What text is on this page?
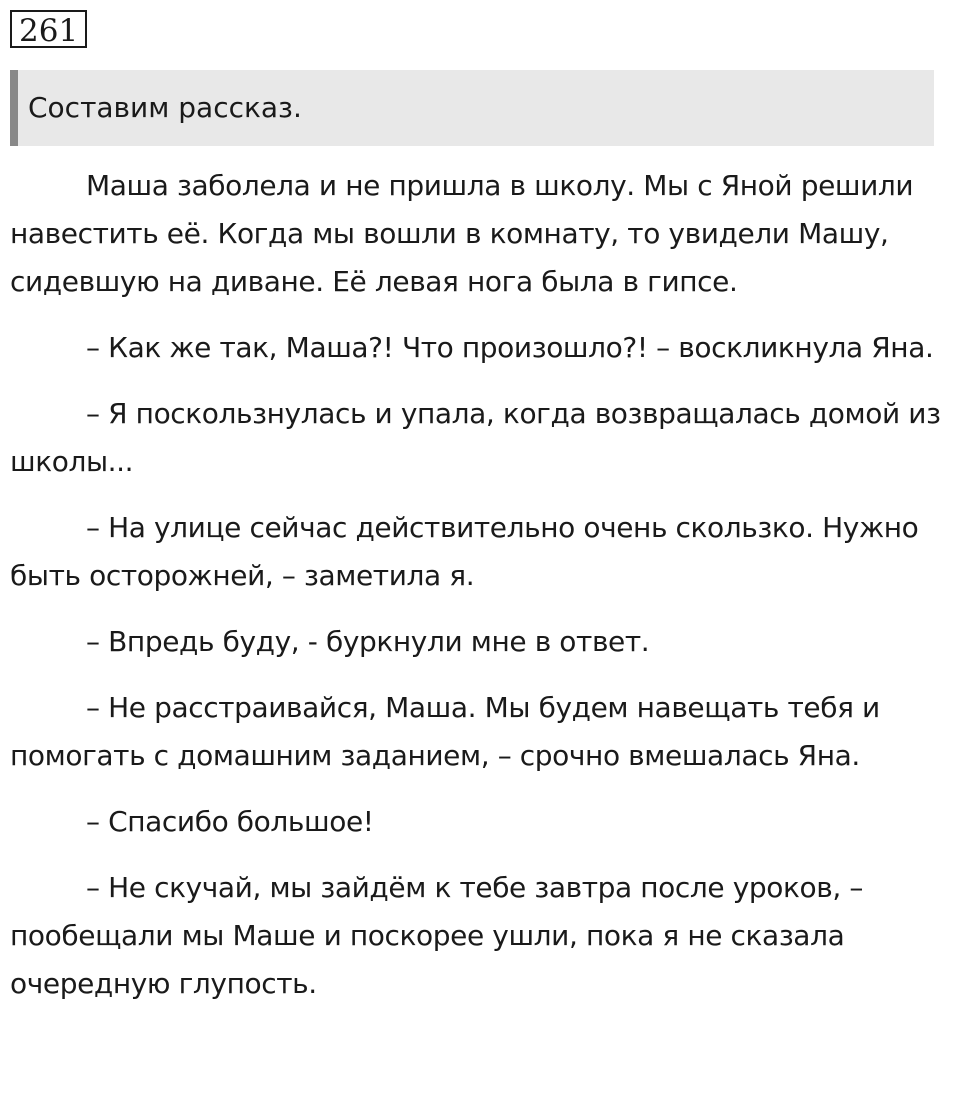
261
Составим рассказ.

Маша заболела и не пришла в школу. Мы с Яной решили навестить её. Когда мы вошли в комнату, то увидели Машу, сидевшую на диване. Её левая нога была в гипсе.

– Как же так, Маша?! Что произошло?! – воскликнула Яна.

– Я поскользнулась и упала, когда возвращалась домой из школы...

– На улице сейчас действительно очень скользко. Нужно быть осторожней, – заметила я.

– Впредь буду, - буркнули мне в ответ.

– Не расстраивайся, Маша. Мы будем навещать тебя и помогать с домашним заданием, – срочно вмешалась Яна.

– Спасибо большое!

– Не скучай, мы зайдём к тебе завтра после уроков, – пообещали мы Маше и поскорее ушли, пока я не сказала очередную глупость.
